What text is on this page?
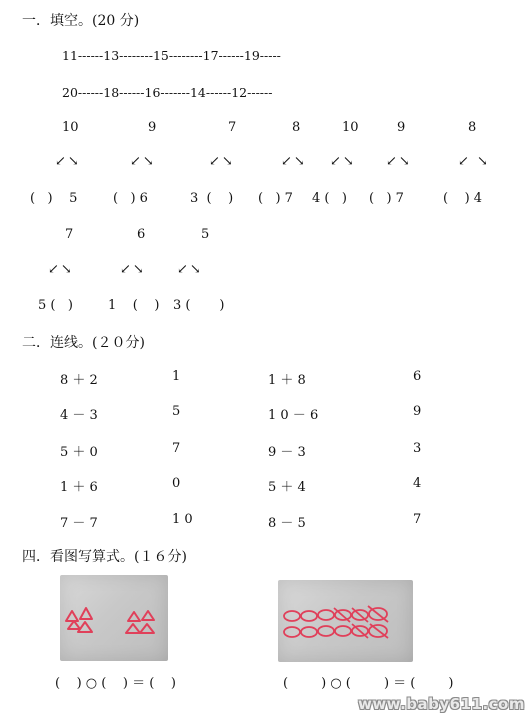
一．填空。(20 分)
11------13--------15--------17------19-----
20------18------16-------14------12------
10	9	7	8	10	9	8
↙↘	↙↘	↙↘	↙↘ ↙↘ ↙↘	↙ ↘
(   )    5	(   ) 6	3  (    ) (   ) 7 4 (   ) (   ) 7	(    ) 4
7	6	5
↙↘	↙↘ ↙↘
5 (   )	1    (    ) 3 (       )
二．连线。(２０分)
8 ＋ 2	1	1 ＋ 8	6
4 － 3	5	1 0 － 6	9
5 ＋ 0	7	9 － 3	3
1 ＋ 6	0	5 ＋ 4	4
7 － 7	1 0	8 － 5	7
四．看图写算式。(１６分)
(    ) ○ (    ) ＝ (    )	(        ) ○ (        ) ＝ (        )
www.baby611.com
